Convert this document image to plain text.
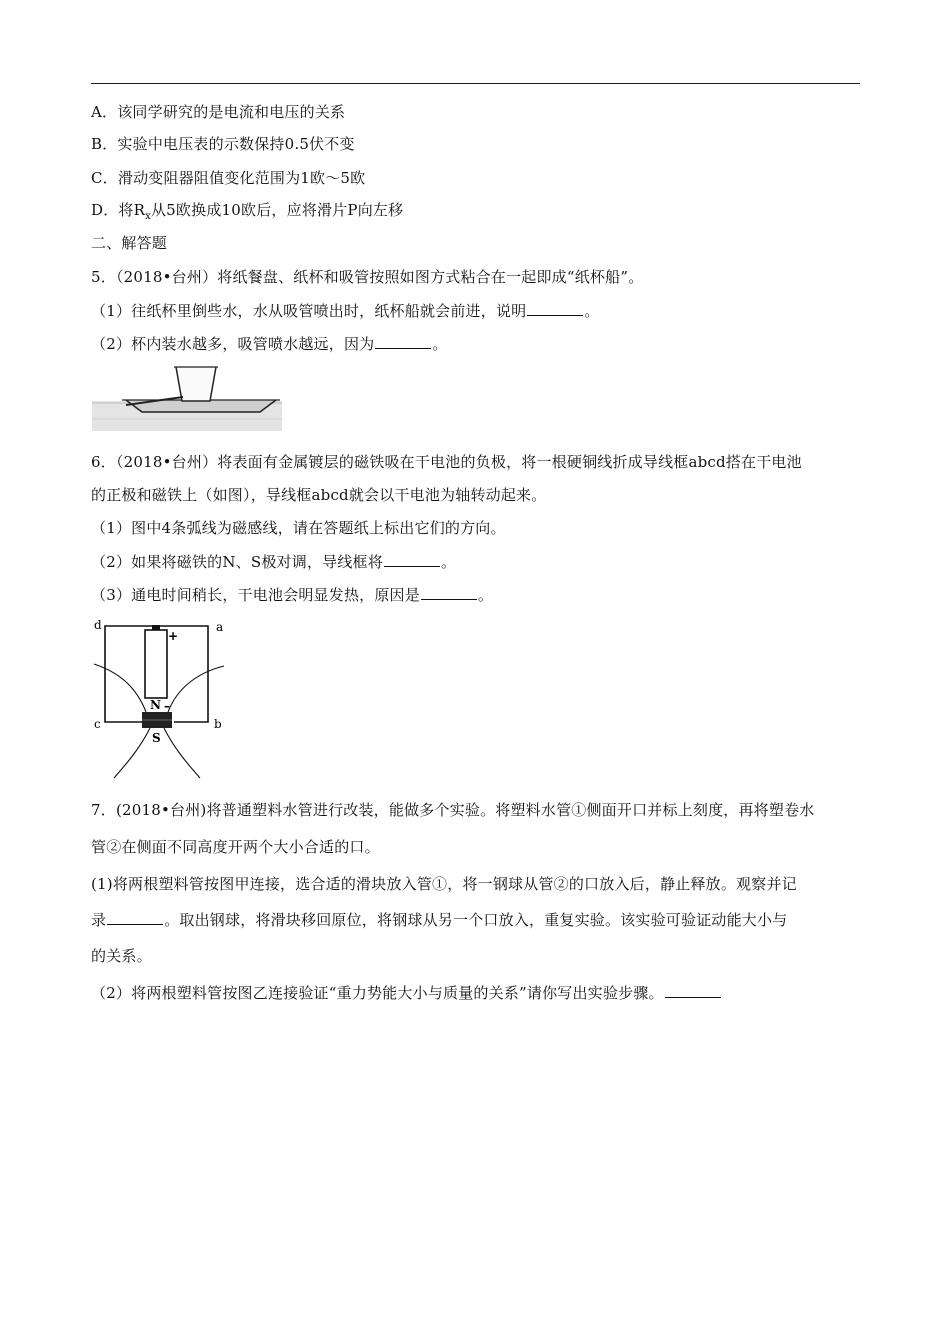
A．该同学研究的是电流和电压的关系
B．实验中电压表的示数保持0.5伏不变
C．滑动变阻器阻值变化范围为1欧～5欧
D．将$R_x$从5欧换成10欧后，应将滑片P向左移
二、解答题
5．（2018•台州）将纸餐盘、纸杯和吸管按照如图方式粘合在一起即成“纸杯船”。
（1）往纸杯里倒些水，水从吸管喷出时，纸杯船就会前进，说明	。
（2）杯内装水越多，吸管喷水越远，因为	。
6．（2018•台州）将表面有金属镀层的磁铁吸在干电池的负极，将一根硬铜线折成导线框abcd搭在干电池
的正极和磁铁上（如图），导线框abcd就会以干电池为轴转动起来。
（1）图中4条弧线为磁感线，请在答题纸上标出它们的方向。
（2）如果将磁铁的N、S极对调，导线框将	。
（3）通电时间稍长，干电池会明显发热，原因是	。
d	a
c	b
+
N –
S
7．(2018•台州)将普通塑料水管进行改装，能做多个实验。将塑料水管①侧面开口并标上刻度，再将塑卷水
管②在侧面不同高度开两个大小合适的口。
(1)将两根塑料管按图甲连接，选合适的滑块放入管①，将一钢球从管②的口放入后，静止释放。观察并记
录	。取出钢球，将滑块移回原位，将钢球从另一个口放入，重复实验。该实验可验证动能大小与
的关系。
（2）将两根塑料管按图乙连接验证“重力势能大小与质量的关系”请你写出实验步骤。
